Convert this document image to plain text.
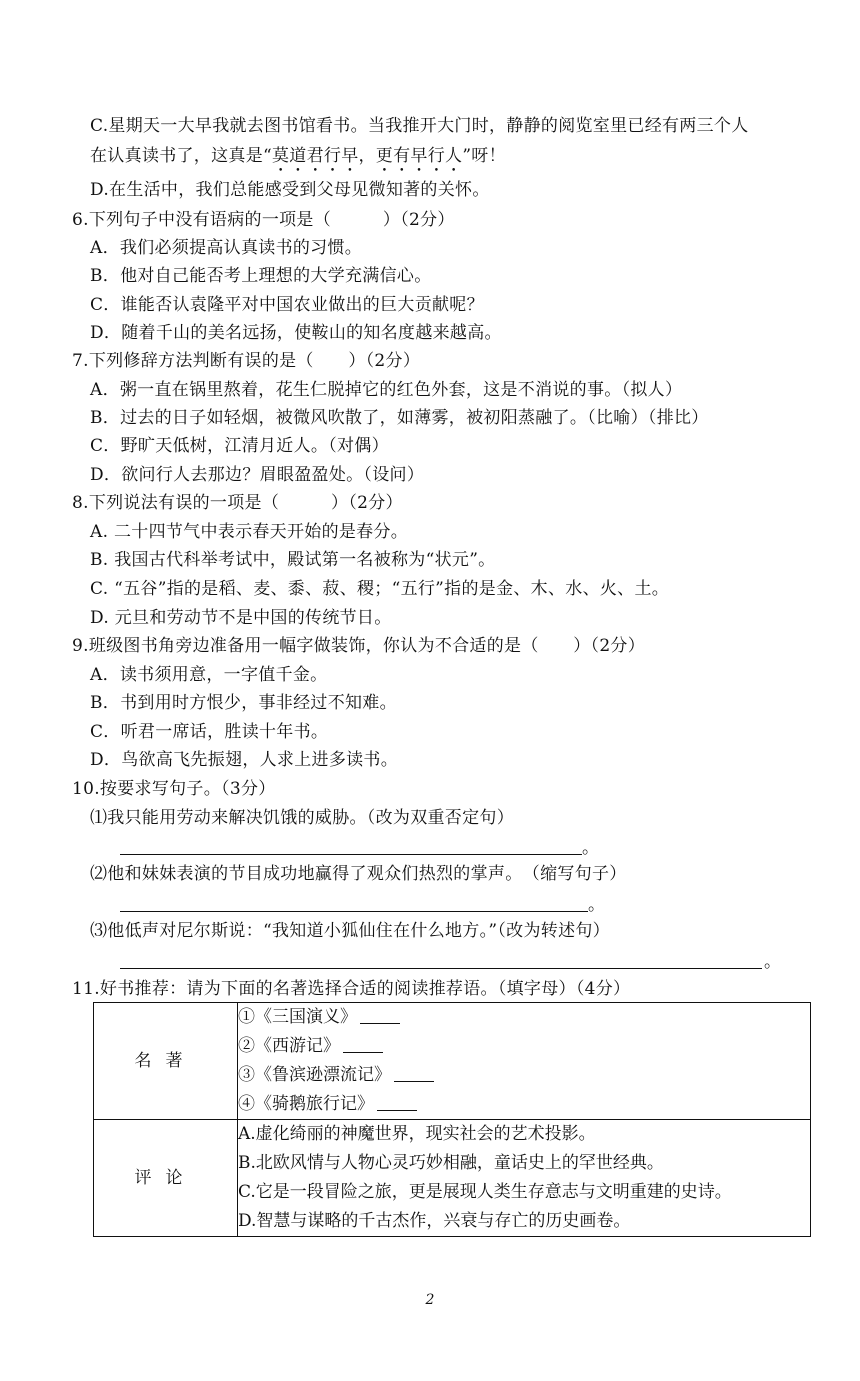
C.星期天一大早我就去图书馆看书。当我推开大门时，静静的阅览室里已经有两三个人
在认真读书了，这真是“莫道君行早，更有早行人”呀！
D.在生活中，我们总能感受到父母见微知著的关怀。
6.下列句子中没有语病的一项是（　　　）（2分）
A．我们必须提高认真读书的习惯。
B．他对自己能否考上理想的大学充满信心。
C．谁能否认袁隆平对中国农业做出的巨大贡献呢？
D．随着千山的美名远扬，使鞍山的知名度越来越高。
7.下列修辞方法判断有误的是（　　）（2分）
A．粥一直在锅里熬着，花生仁脱掉它的红色外套，这是不消说的事。（拟人）
B．过去的日子如轻烟，被微风吹散了，如薄雾，被初阳蒸融了。（比喻）（排比）
C．野旷天低树，江清月近人。（对偶）
D．欲问行人去那边？眉眼盈盈处。（设问）
8.下列说法有误的一项是（　　　）（2分）
A. 二十四节气中表示春天开始的是春分。
B. 我国古代科举考试中，殿试第一名被称为“状元”。
C. “五谷”指的是稻、麦、黍、菽、稷；“五行”指的是金、木、水、火、土。
D. 元旦和劳动节不是中国的传统节日。
9.班级图书角旁边准备用一幅字做装饰，你认为不合适的是（　　）（2分）
A．读书须用意，一字值千金。
B．书到用时方恨少，事非经过不知难。
C．听君一席话，胜读十年书。
D．鸟欲高飞先振翅，人求上进多读书。
10.按要求写句子。（3分）
⑴我只能用劳动来解决饥饿的威胁。（改为双重否定句）
。
⑵他和妹妹表演的节目成功地赢得了观众们热烈的掌声。　（缩写句子）
。
⑶他低声对尼尔斯说：“我知道小狐仙住在什么地方。”（改为转述句）
。
11.好书推荐：请为下面的名著选择合适的阅读推荐语。（填字母）（4分）
名著	①《三国演义》
②《西游记》
③《鲁滨逊漂流记》
④《骑鹅旅行记》

评论	A.虚化绮丽的神魔世界，现实社会的艺术投影。
B.北欧风情与人物心灵巧妙相融，童话史上的罕世经典。
C.它是一段冒险之旅，更是展现人类生存意志与文明重建的史诗。
D.智慧与谋略的千古杰作，兴衰与存亡的历史画卷。
2
